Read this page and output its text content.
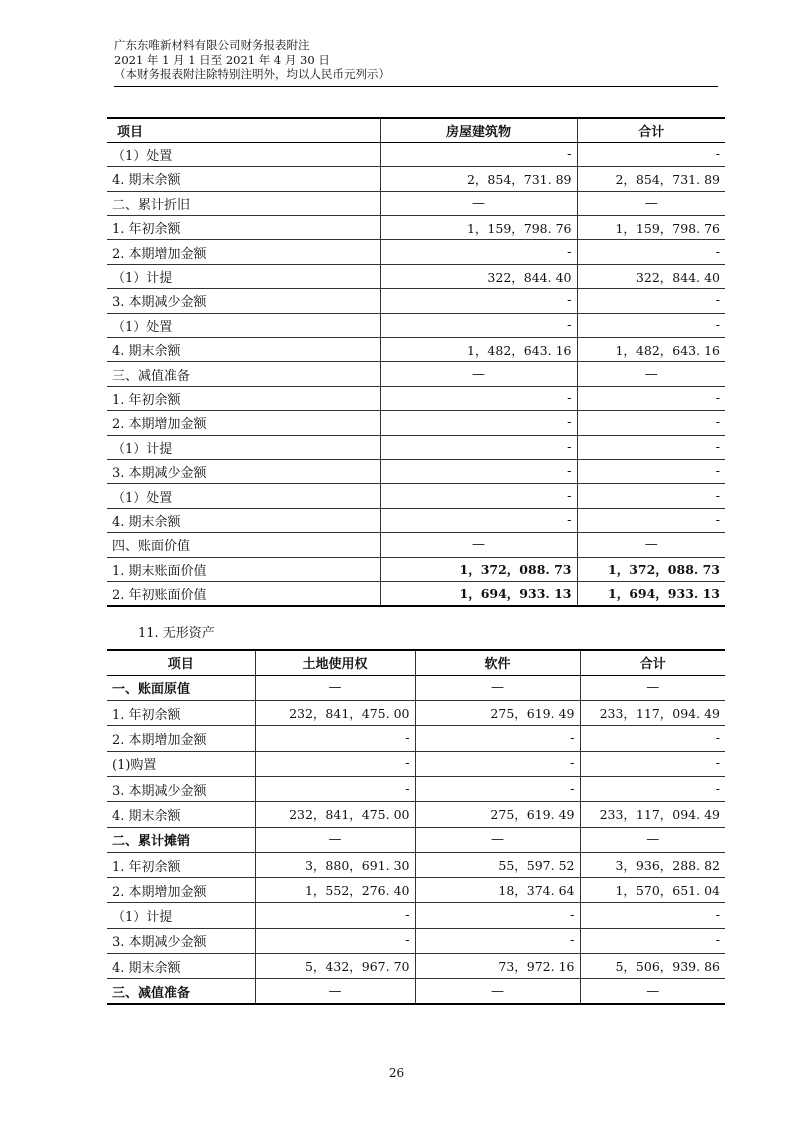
广东东唯新材料有限公司财务报表附注
2021 年 1 月 1 日至 2021 年 4 月 30 日
（本财务报表附注除特别注明外，均以人民币元列示）
项目	房屋建筑物	合计
（1）处置	-	-
4. 期末余额	2，854，731. 89	2，854，731. 89
二、累计折旧	—	—
1. 年初余额	1，159，798. 76	1，159，798. 76
2. 本期增加金额	-	-
（1）计提	322，844. 40	322，844. 40
3. 本期减少金额	-	-
（1）处置	-	-
4. 期末余额	1，482，643. 16	1，482，643. 16
三、减值准备	—	—
1. 年初余额	-	-
2. 本期增加金额	-	-
（1）计提	-	-
3. 本期减少金额	-	-
（1）处置	-	-
4. 期末余额	-	-
四、账面价值	—	—
1. 期末账面价值	1，372，088. 73	1，372，088. 73
2. 年初账面价值	1，694，933. 13	1，694，933. 13
11. 无形资产
项目	土地使用权	软件	合计
一、账面原值	—	—	—
1. 年初余额	232，841，475. 00	275，619. 49	233，117，094. 49
2. 本期增加金额	-	-	-
(1)购置	-	-	-
3. 本期减少金额	-	-	-
4. 期末余额	232，841，475. 00	275，619. 49	233，117，094. 49
二、累计摊销	—	—	—
1. 年初余额	3，880，691. 30	55，597. 52	3，936，288. 82
2. 本期增加金额	1，552，276. 40	18，374. 64	1，570，651. 04
（1）计提	-	-	-
3. 本期减少金额	-	-	-
4. 期末余额	5，432，967. 70	73，972. 16	5，506，939. 86
三、减值准备	—	—	—
26
